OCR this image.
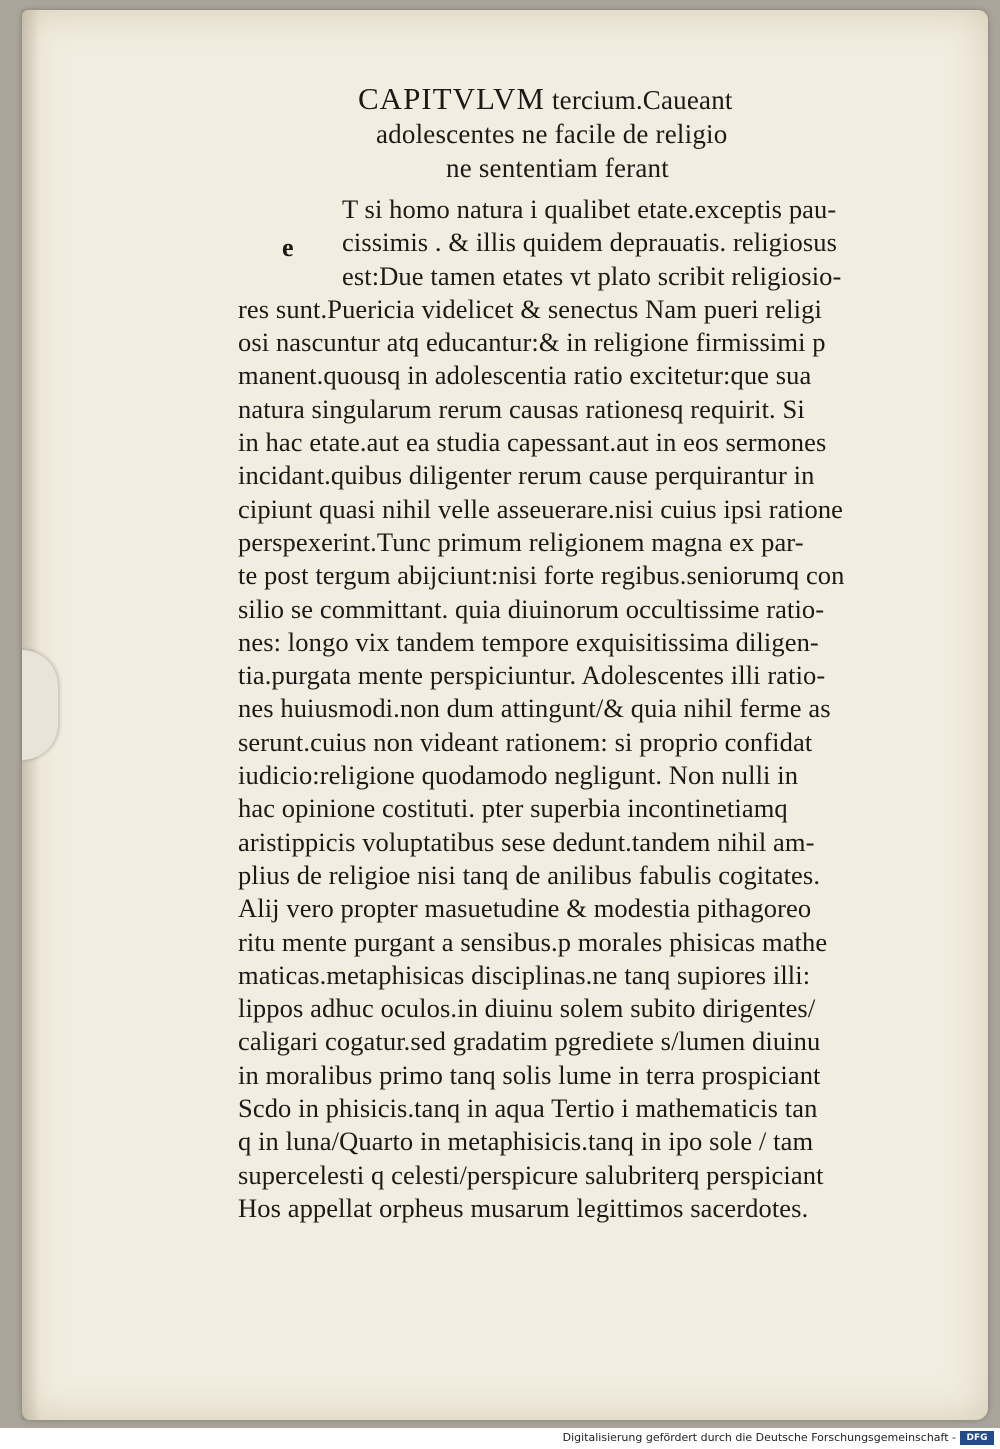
CAPITVLVM tercium.Caueant
adolescentes ne facile de religio
ne sententiam ferant
e
T si homo natura i qualibet etate.exceptis pau-
cissimis . & illis quidem deprauatis. religiosus
est:Due tamen etates vt plato scribit religiosio-
res sunt.Puericia videlicet & senectus Nam pueri religi
osi nascuntur atq educantur:& in religione firmissimi p
manent.quousq in adolescentia ratio excitetur:que sua
natura singularum rerum causas rationesq requirit. Si
in hac etate.aut ea studia capessant.aut in eos sermones
incidant.quibus diligenter rerum cause perquirantur in
cipiunt quasi nihil velle asseuerare.nisi cuius ipsi ratione
perspexerint.Tunc primum religionem magna ex par-
te post tergum abijciunt:nisi forte regibus.seniorumq con
silio se committant. quia diuinorum occultissime ratio-
nes: longo vix tandem tempore exquisitissima diligen-
tia.purgata mente perspiciuntur. Adolescentes illi ratio-
nes huiusmodi.non dum attingunt/& quia nihil ferme as
serunt.cuius non videant rationem: si proprio confidat
iudicio:religione quodamodo negligunt. Non nulli in
hac opinione costituti. pter superbia incontinetiamq
aristippicis voluptatibus sese dedunt.tandem nihil am-
plius de religioe nisi tanq de anilibus fabulis cogitates.
Alij vero propter masuetudine & modestia pithagoreo
ritu mente purgant a sensibus.p morales phisicas mathe
maticas.metaphisicas disciplinas.ne tanq supiores illi:
lippos adhuc oculos.in diuinu solem subito dirigentes/
caligari cogatur.sed gradatim pgrediete s/lumen diuinu
in moralibus primo tanq solis lume in terra prospiciant
Scdo in phisicis.tanq in aqua Tertio i mathematicis tan
q in luna/Quarto in metaphisicis.tanq in ipo sole / tam
supercelesti q celesti/perspicure salubriterq perspiciant
Hos appellat orpheus musarum legittimos sacerdotes.
Digitalisierung gefördert durch die Deutsche Forschungsgemeinschaft -	DFG
